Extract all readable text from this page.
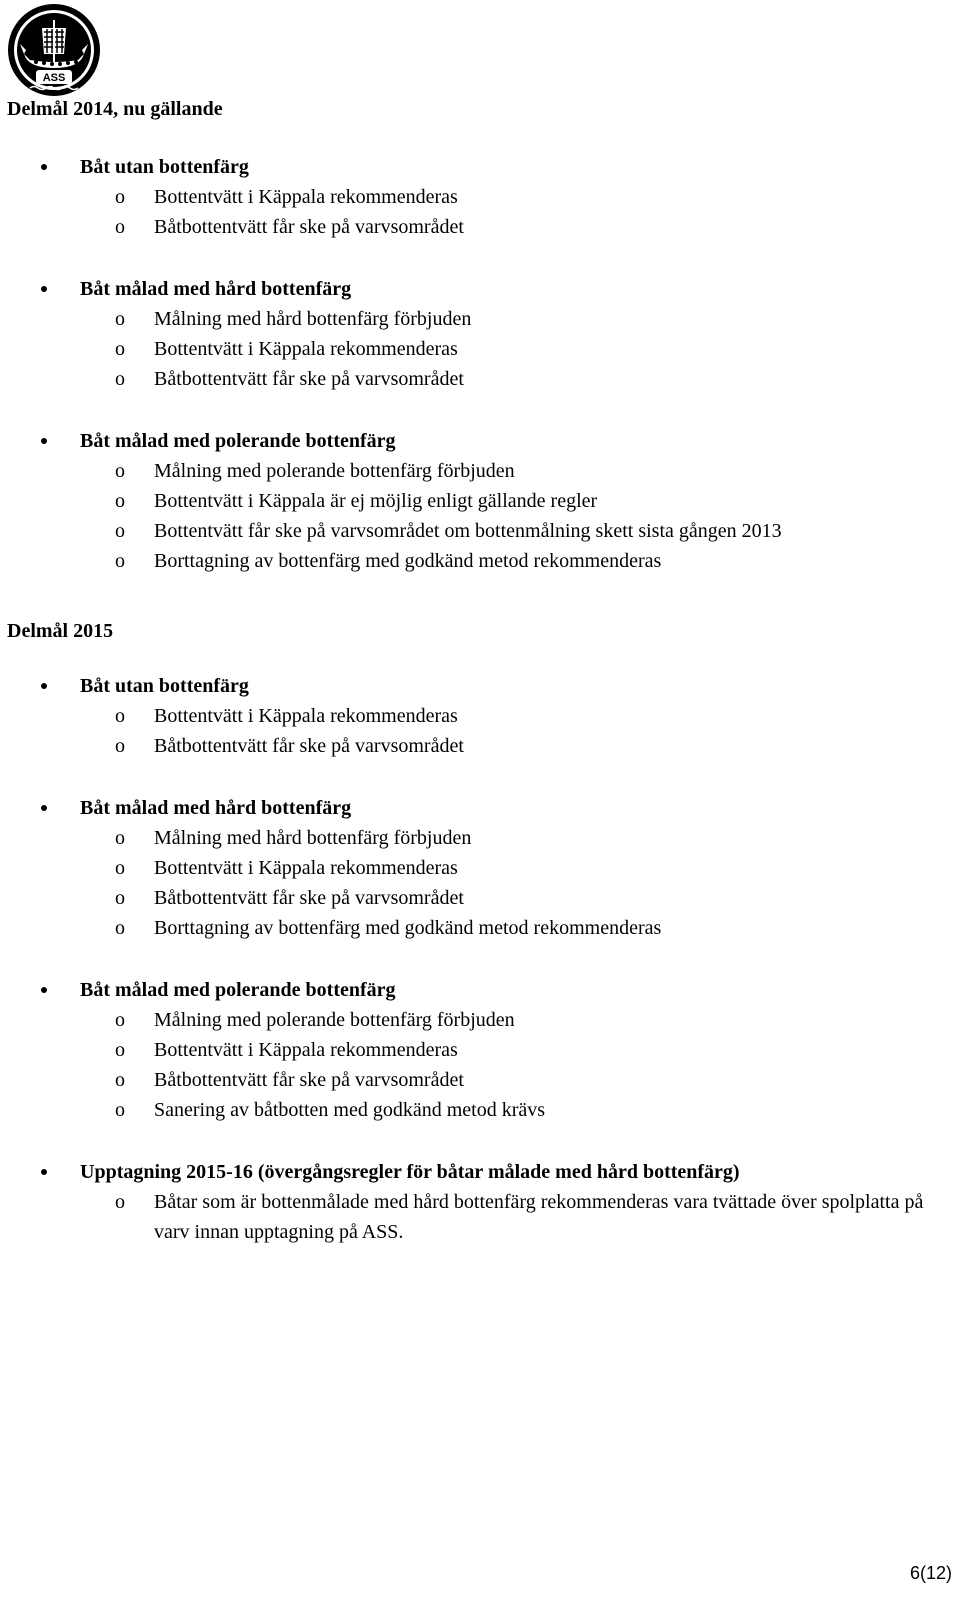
ASS
Delmål 2014, nu gällande
Båt utan bottenfärg
o Bottentvätt i Käppala rekommenderas
o Båtbottentvätt får ske på varvsområdet
Båt målad med hård bottenfärg
o Målning med hård bottenfärg förbjuden
o Bottentvätt i Käppala rekommenderas
o Båtbottentvätt får ske på varvsområdet
Båt målad med polerande bottenfärg
o Målning med polerande bottenfärg förbjuden
o Bottentvätt i Käppala är ej möjlig enligt gällande regler
o Bottentvätt får ske på varvsområdet om bottenmålning skett sista gången 2013
o Borttagning av bottenfärg med godkänd metod rekommenderas
Delmål 2015
Båt utan bottenfärg
o Bottentvätt i Käppala rekommenderas
o Båtbottentvätt får ske på varvsområdet
Båt målad med hård bottenfärg
o Målning med hård bottenfärg förbjuden
o Bottentvätt i Käppala rekommenderas
o Båtbottentvätt får ske på varvsområdet
o Borttagning av bottenfärg med godkänd metod rekommenderas
Båt målad med polerande bottenfärg
o Målning med polerande bottenfärg förbjuden
o Bottentvätt i Käppala rekommenderas
o Båtbottentvätt får ske på varvsområdet
o Sanering av båtbotten med godkänd metod krävs
Upptagning 2015-16 (övergångsregler för båtar målade med hård bottenfärg)
o Båtar som är bottenmålade med hård bottenfärg rekommenderas vara tvättade över spolplatta på varv innan upptagning på ASS.
6(12)
